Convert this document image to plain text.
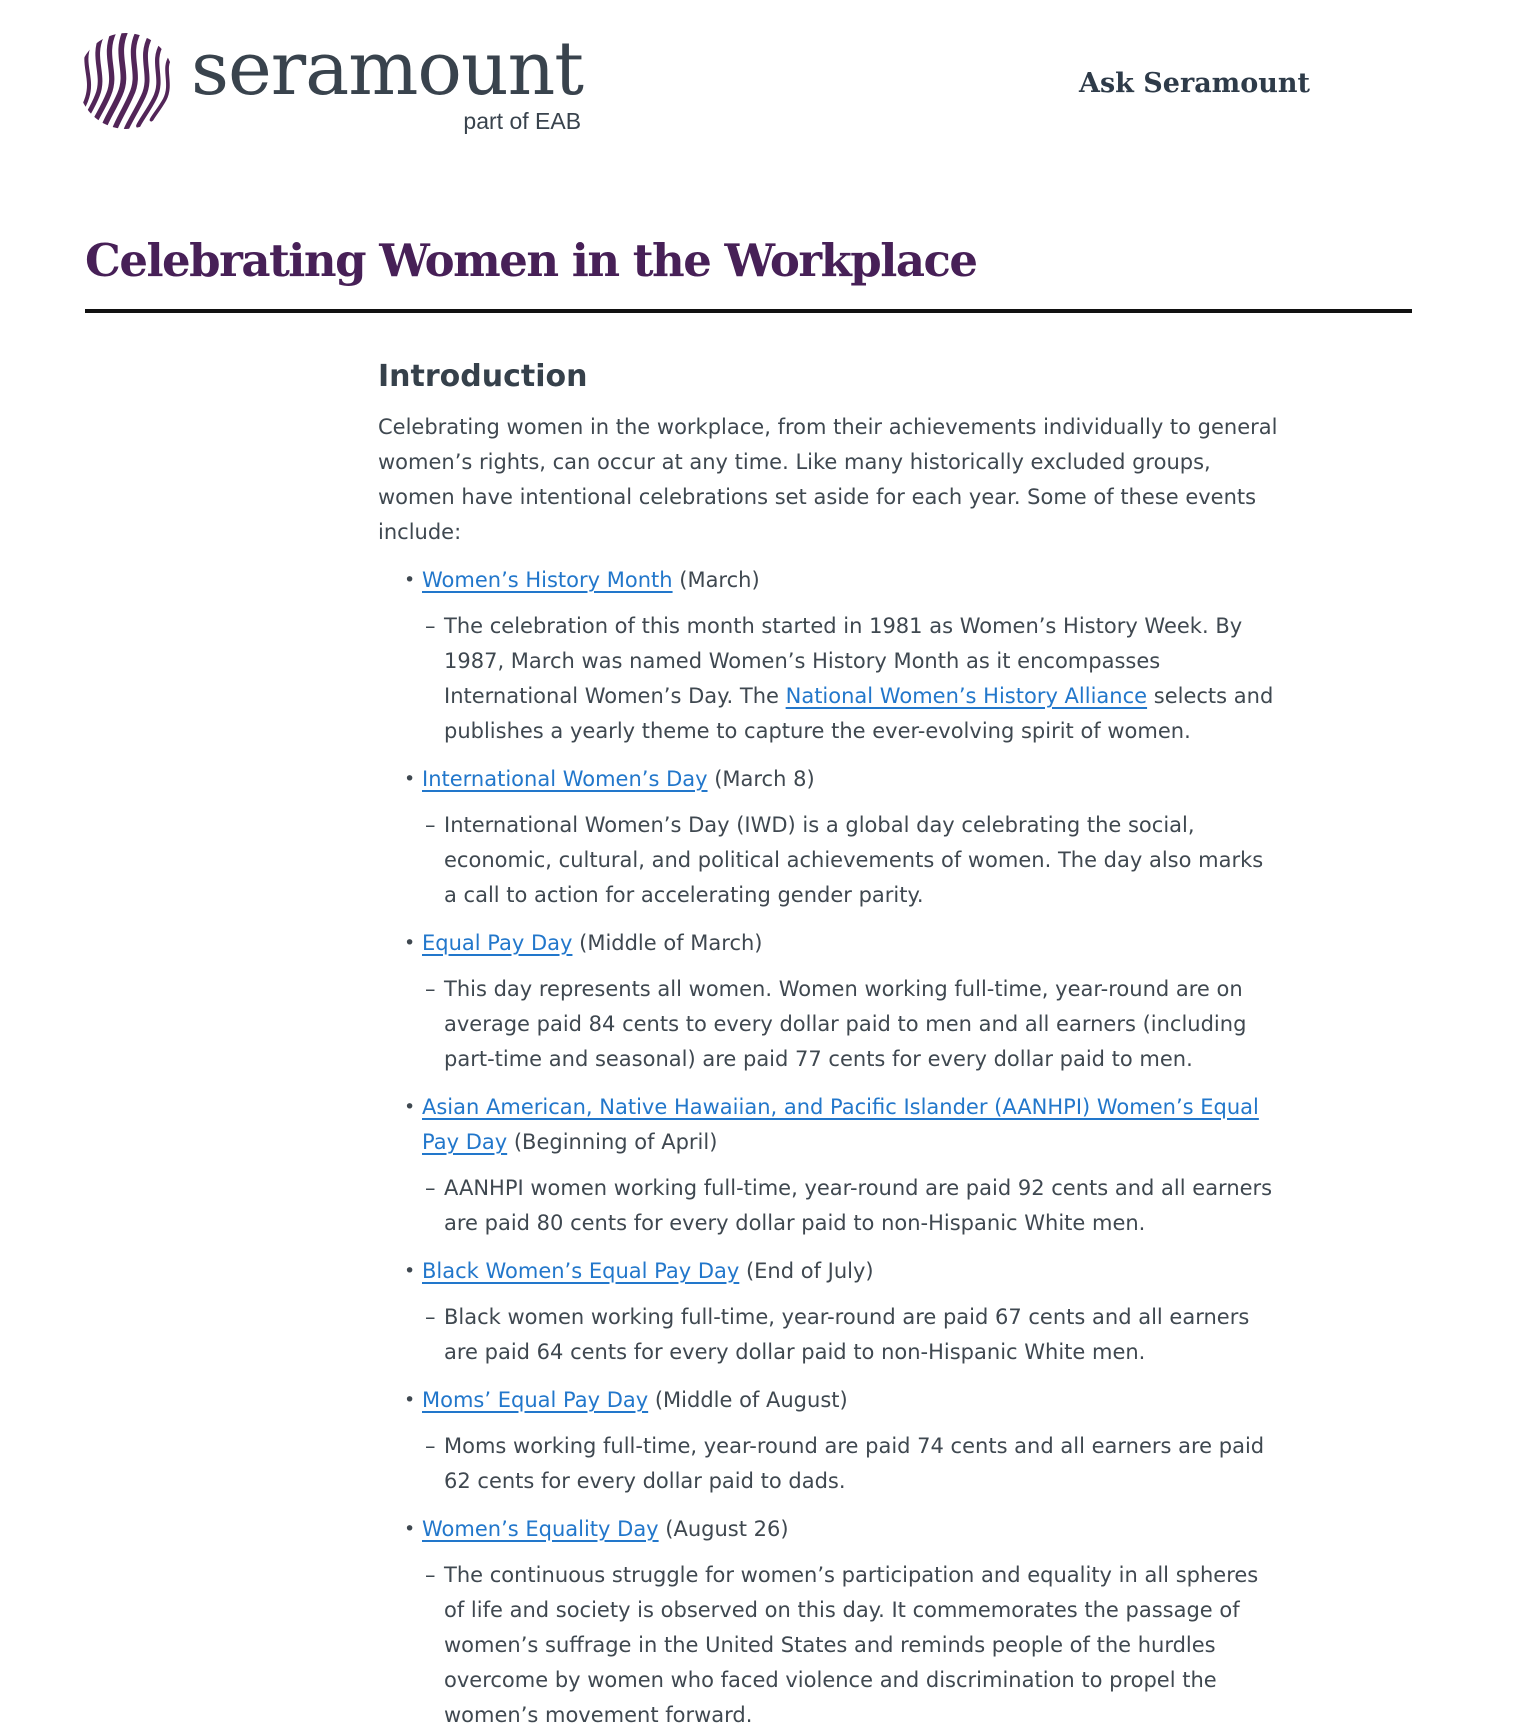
seramount
part of EAB
Ask Seramount
Celebrating Women in the Workplace
Introduction

Celebrating women in the workplace, from their achievements individually to general women’s rights, can occur at any time. Like many historically excluded groups, women have intentional celebrations set aside for each year. Some of these events include:

• Women’s History Month (March)
– The celebration of this month started in 1981 as Women’s History Week. By 1987, March was named Women’s History Month as it encompasses International Women’s Day. The National Women’s History Alliance selects and publishes a yearly theme to capture the ever-evolving spirit of women.
• International Women’s Day (March 8)
– International Women’s Day (IWD) is a global day celebrating the social, economic, cultural, and political achievements of women. The day also marks a call to action for accelerating gender parity.
• Equal Pay Day (Middle of March)
– This day represents all women. Women working full-time, year-round are on average paid 84 cents to every dollar paid to men and all earners (including part-time and seasonal) are paid 77 cents for every dollar paid to men.
• Asian American, Native Hawaiian, and Pacific Islander (AANHPI) Women’s Equal Pay Day (Beginning of April)
– AANHPI women working full-time, year-round are paid 92 cents and all earners are paid 80 cents for every dollar paid to non-Hispanic White men.
• Black Women’s Equal Pay Day (End of July)
– Black women working full-time, year-round are paid 67 cents and all earners are paid 64 cents for every dollar paid to non-Hispanic White men.
• Moms’ Equal Pay Day (Middle of August)
– Moms working full-time, year-round are paid 74 cents and all earners are paid 62 cents for every dollar paid to dads.
• Women’s Equality Day (August 26)
– The continuous struggle for women’s participation and equality in all spheres of life and society is observed on this day. It commemorates the passage of women’s suffrage in the United States and reminds people of the hurdles overcome by women who faced violence and discrimination to propel the women’s movement forward.
